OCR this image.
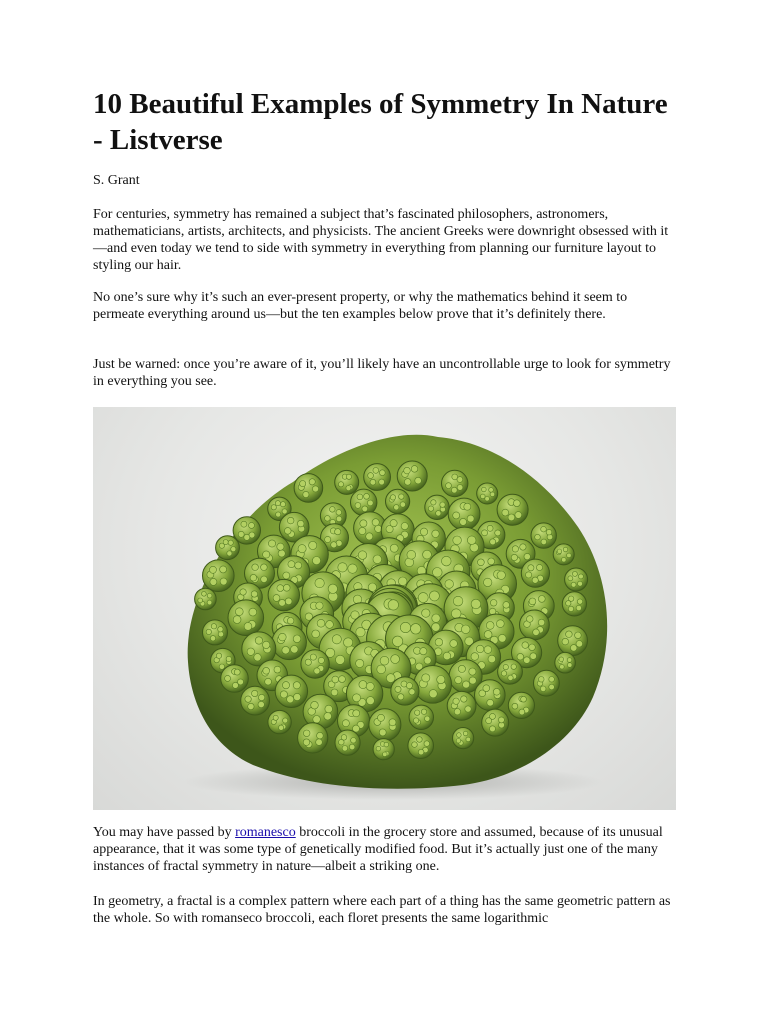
10 Beautiful Examples of Symmetry In Nature - Listverse
S. Grant

For centuries, symmetry has remained a subject that’s fascinated philosophers, astronomers, mathematicians, artists, architects, and physicists. The ancient Greeks were downright obsessed with it—and even today we tend to side with symmetry in everything from planning our furniture layout to styling our hair.

No one’s sure why it’s such an ever-present property, or why the mathematics behind it seem to permeate everything around us—but the ten examples below prove that it’s definitely there.

Just be warned: once you’re aware of it, you’ll likely have an uncontrollable urge to look for symmetry in everything you see.

You may have passed by romanesco broccoli in the grocery store and assumed, because of its unusual appearance, that it was some type of genetically modified food. But it’s actually just one of the many instances of fractal symmetry in nature—albeit a striking one.

In geometry, a fractal is a complex pattern where each part of a thing has the same geometric pattern as the whole. So with romanseco broccoli, each floret presents the same logarithmic
